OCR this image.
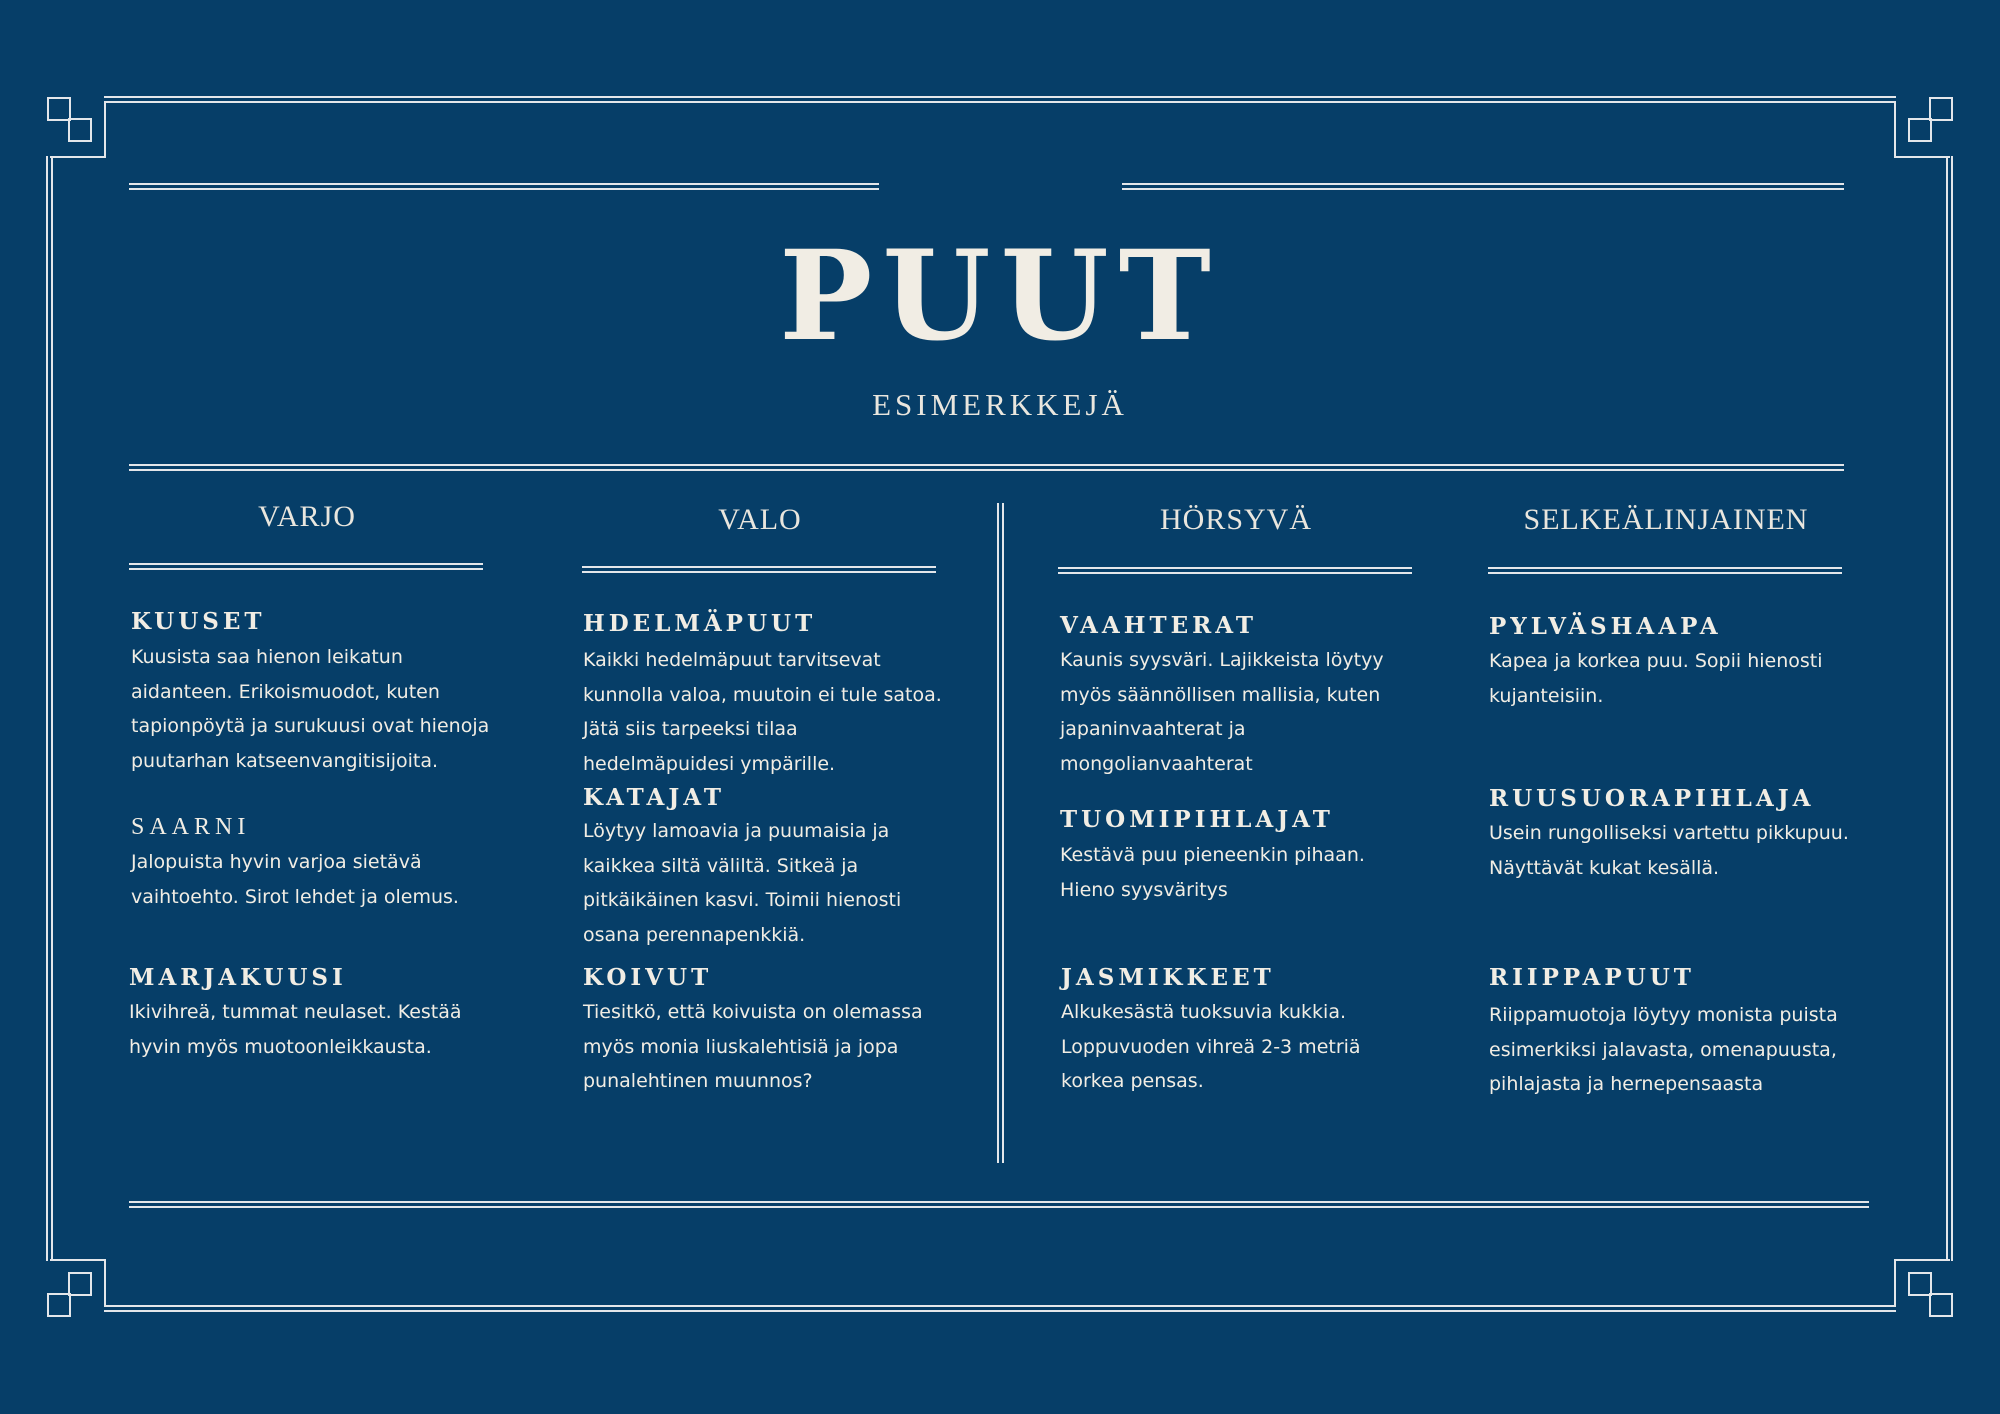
PUUT
ESIMERKKEJÄ
VARJO
KUUSET
Kuusista saa hienon leikatun aidanteen. Erikoismuodot, kuten tapionpöytä ja surukuusi ovat hienoja puutarhan katseenvangitisijoita.
SAARNI
Jalopuista hyvin varjoa sietävä vaihtoehto. Sirot lehdet ja olemus.
MARJAKUUSI
Ikivihreä, tummat neulaset. Kestää hyvin myös muotoonleikkausta.
VALO
HDELMÄPUUT
Kaikki hedelmäpuut tarvitsevat kunnolla valoa, muutoin ei tule satoa. Jätä siis tarpeeksi tilaa hedelmäpuidesi ympärille.
KATAJAT
Löytyy lamoavia ja puumaisia ja kaikkea siltä väliltä. Sitkeä ja pitkäikäinen kasvi. Toimii hienosti osana perennapenkkiä.
KOIVUT
Tiesitkö, että koivuista on olemassa myös monia liuskalehtisiä ja jopa punalehtinen muunnos?
HÖRSYVÄ
VAAHTERAT
Kaunis syysväri. Lajikkeista löytyy myös säännöllisen mallisia, kuten japaninvaahterat ja mongolianvaahterat
TUOMIPIHLAJAT
Kestävä puu pieneenkin pihaan. Hieno syysväritys
JASMIKKEET
Alkukesästä tuoksuvia kukkia. Loppuvuoden vihreä 2-3 metriä korkea pensas.
SELKEÄLINJAINEN
PYLVÄSHAAPA
Kapea ja korkea puu. Sopii hienosti kujanteisiin.
RUUSUORAPIHLAJA
Usein rungolliseksi vartettu pikkupuu. Näyttävät kukat kesällä.
RIIPPAPUUT
Riippamuotoja löytyy monista puista esimerkiksi jalavasta, omenapuusta, pihlajasta ja hernepensaasta
